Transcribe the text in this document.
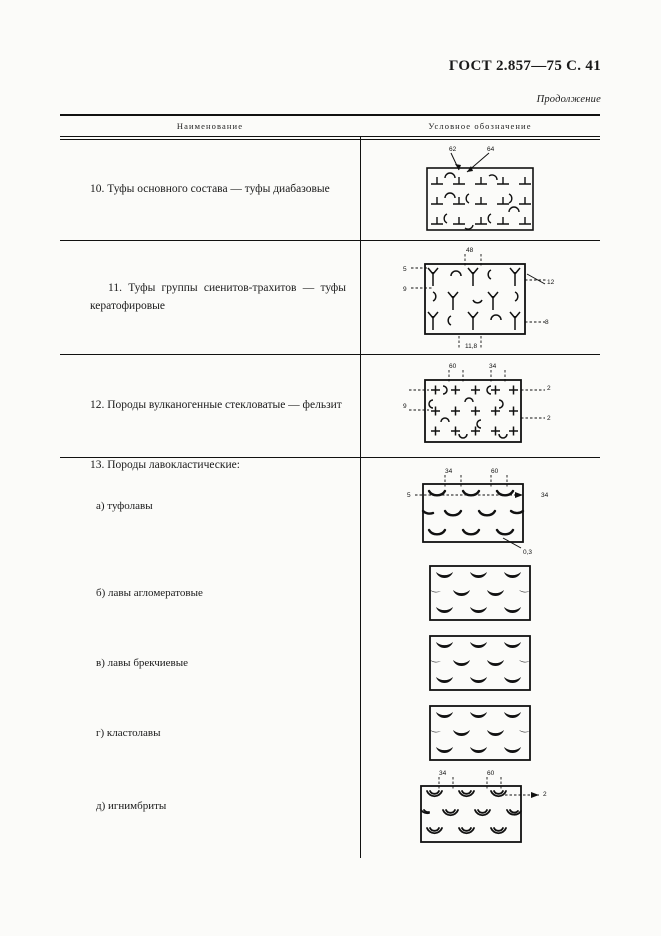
ГОСТ 2.857—75 С. 41
Продолжение
Наименование	Условное обозначение
10. Туфы основного состава — туфы диабазовые
62	64
11. Туфы группы сиенитов-трахитов — туфы кератофировые
48
5
9
12
8
11,8
12. Породы вулканогенные стекловатые — фельзит
60	34
2
9
2
13. Породы лавокластические:
а) туфолавы
34	60
5	34
0,3
б) лавы агломератовые
в) лавы брекчиевые
г) кластолавы
д) игнимбриты
34	60
2
